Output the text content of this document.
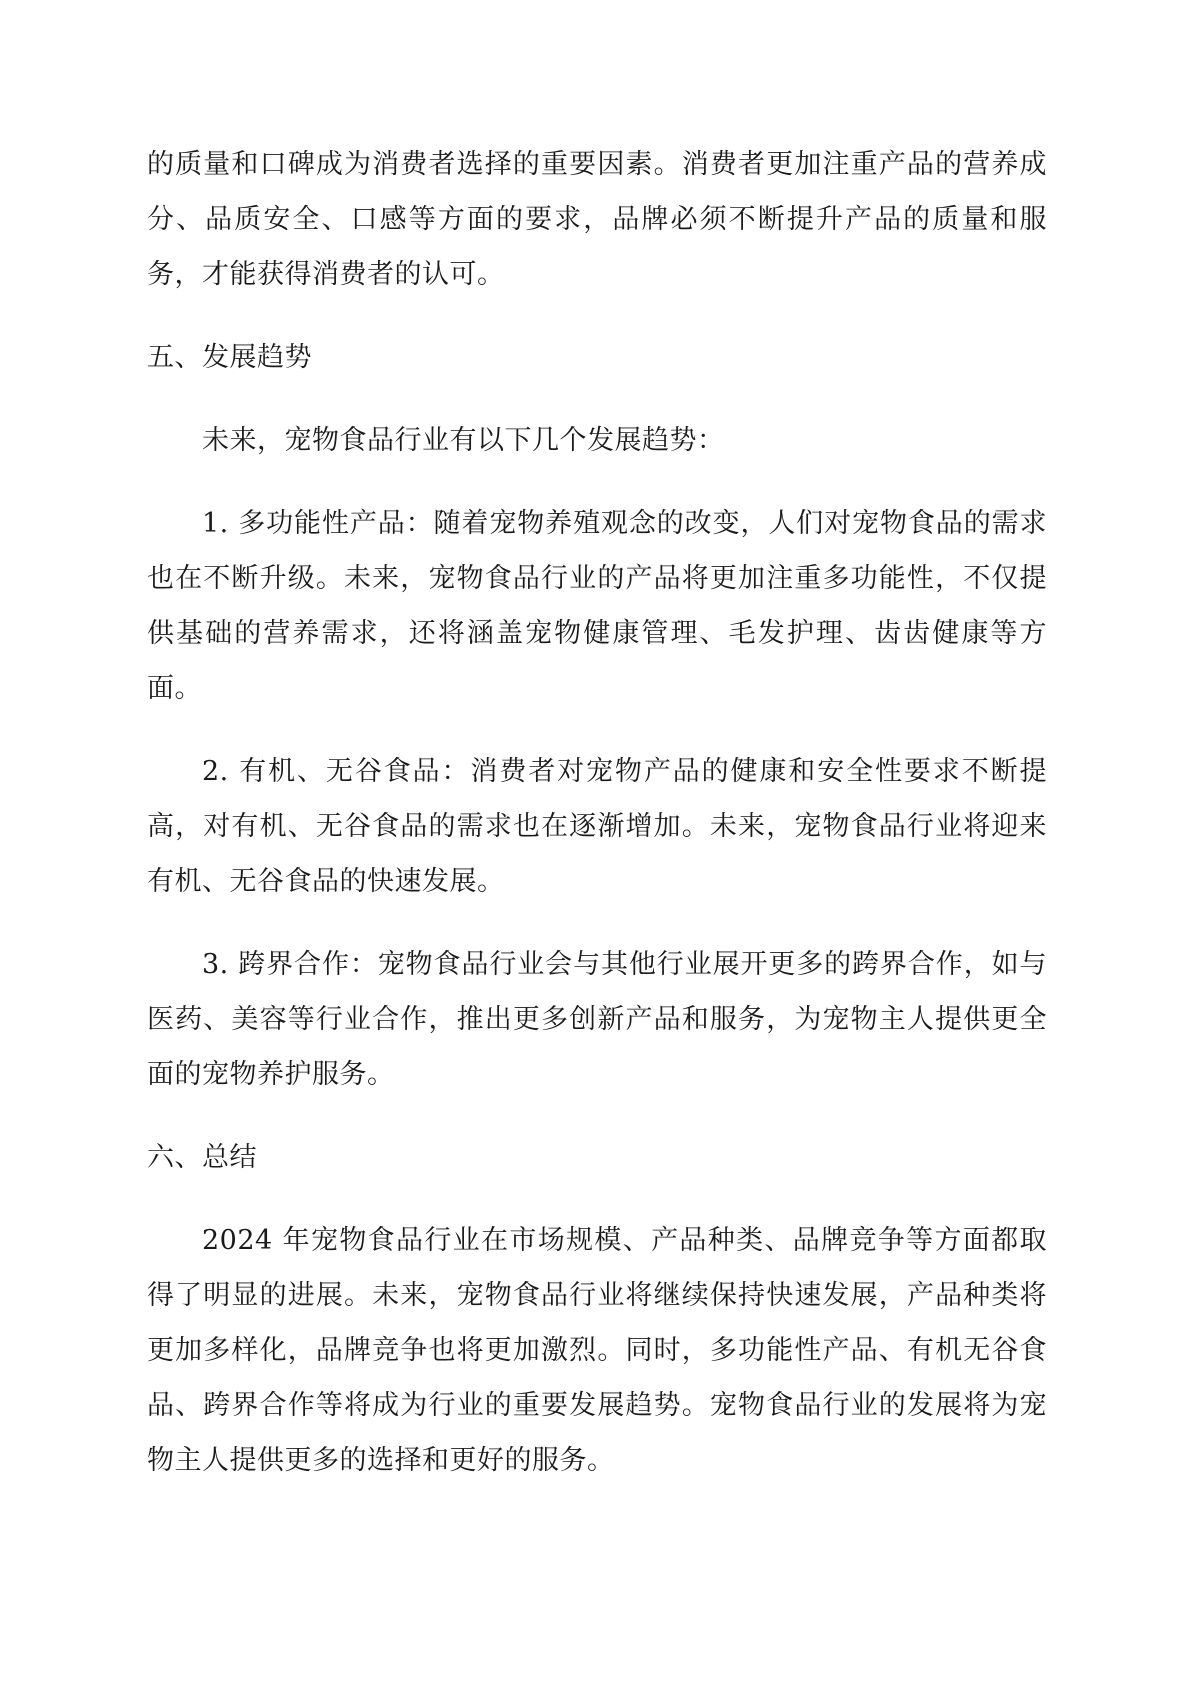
的质量和口碑成为消费者选择的重要因素。消费者更加注重产品的营养成分、品质安全、口感等方面的要求，品牌必须不断提升产品的质量和服务，才能获得消费者的认可。

五、发展趋势

未来，宠物食品行业有以下几个发展趋势：

1. 多功能性产品：随着宠物养殖观念的改变，人们对宠物食品的需求也在不断升级。未来，宠物食品行业的产品将更加注重多功能性，不仅提供基础的营养需求，还将涵盖宠物健康管理、毛发护理、齿齿健康等方面。

2. 有机、无谷食品：消费者对宠物产品的健康和安全性要求不断提高，对有机、无谷食品的需求也在逐渐增加。未来，宠物食品行业将迎来有机、无谷食品的快速发展。

3. 跨界合作：宠物食品行业会与其他行业展开更多的跨界合作，如与医药、美容等行业合作，推出更多创新产品和服务，为宠物主人提供更全面的宠物养护服务。

六、总结

2024 年宠物食品行业在市场规模、产品种类、品牌竞争等方面都取得了明显的进展。未来，宠物食品行业将继续保持快速发展，产品种类将更加多样化，品牌竞争也将更加激烈。同时，多功能性产品、有机无谷食品、跨界合作等将成为行业的重要发展趋势。宠物食品行业的发展将为宠物主人提供更多的选择和更好的服务。
